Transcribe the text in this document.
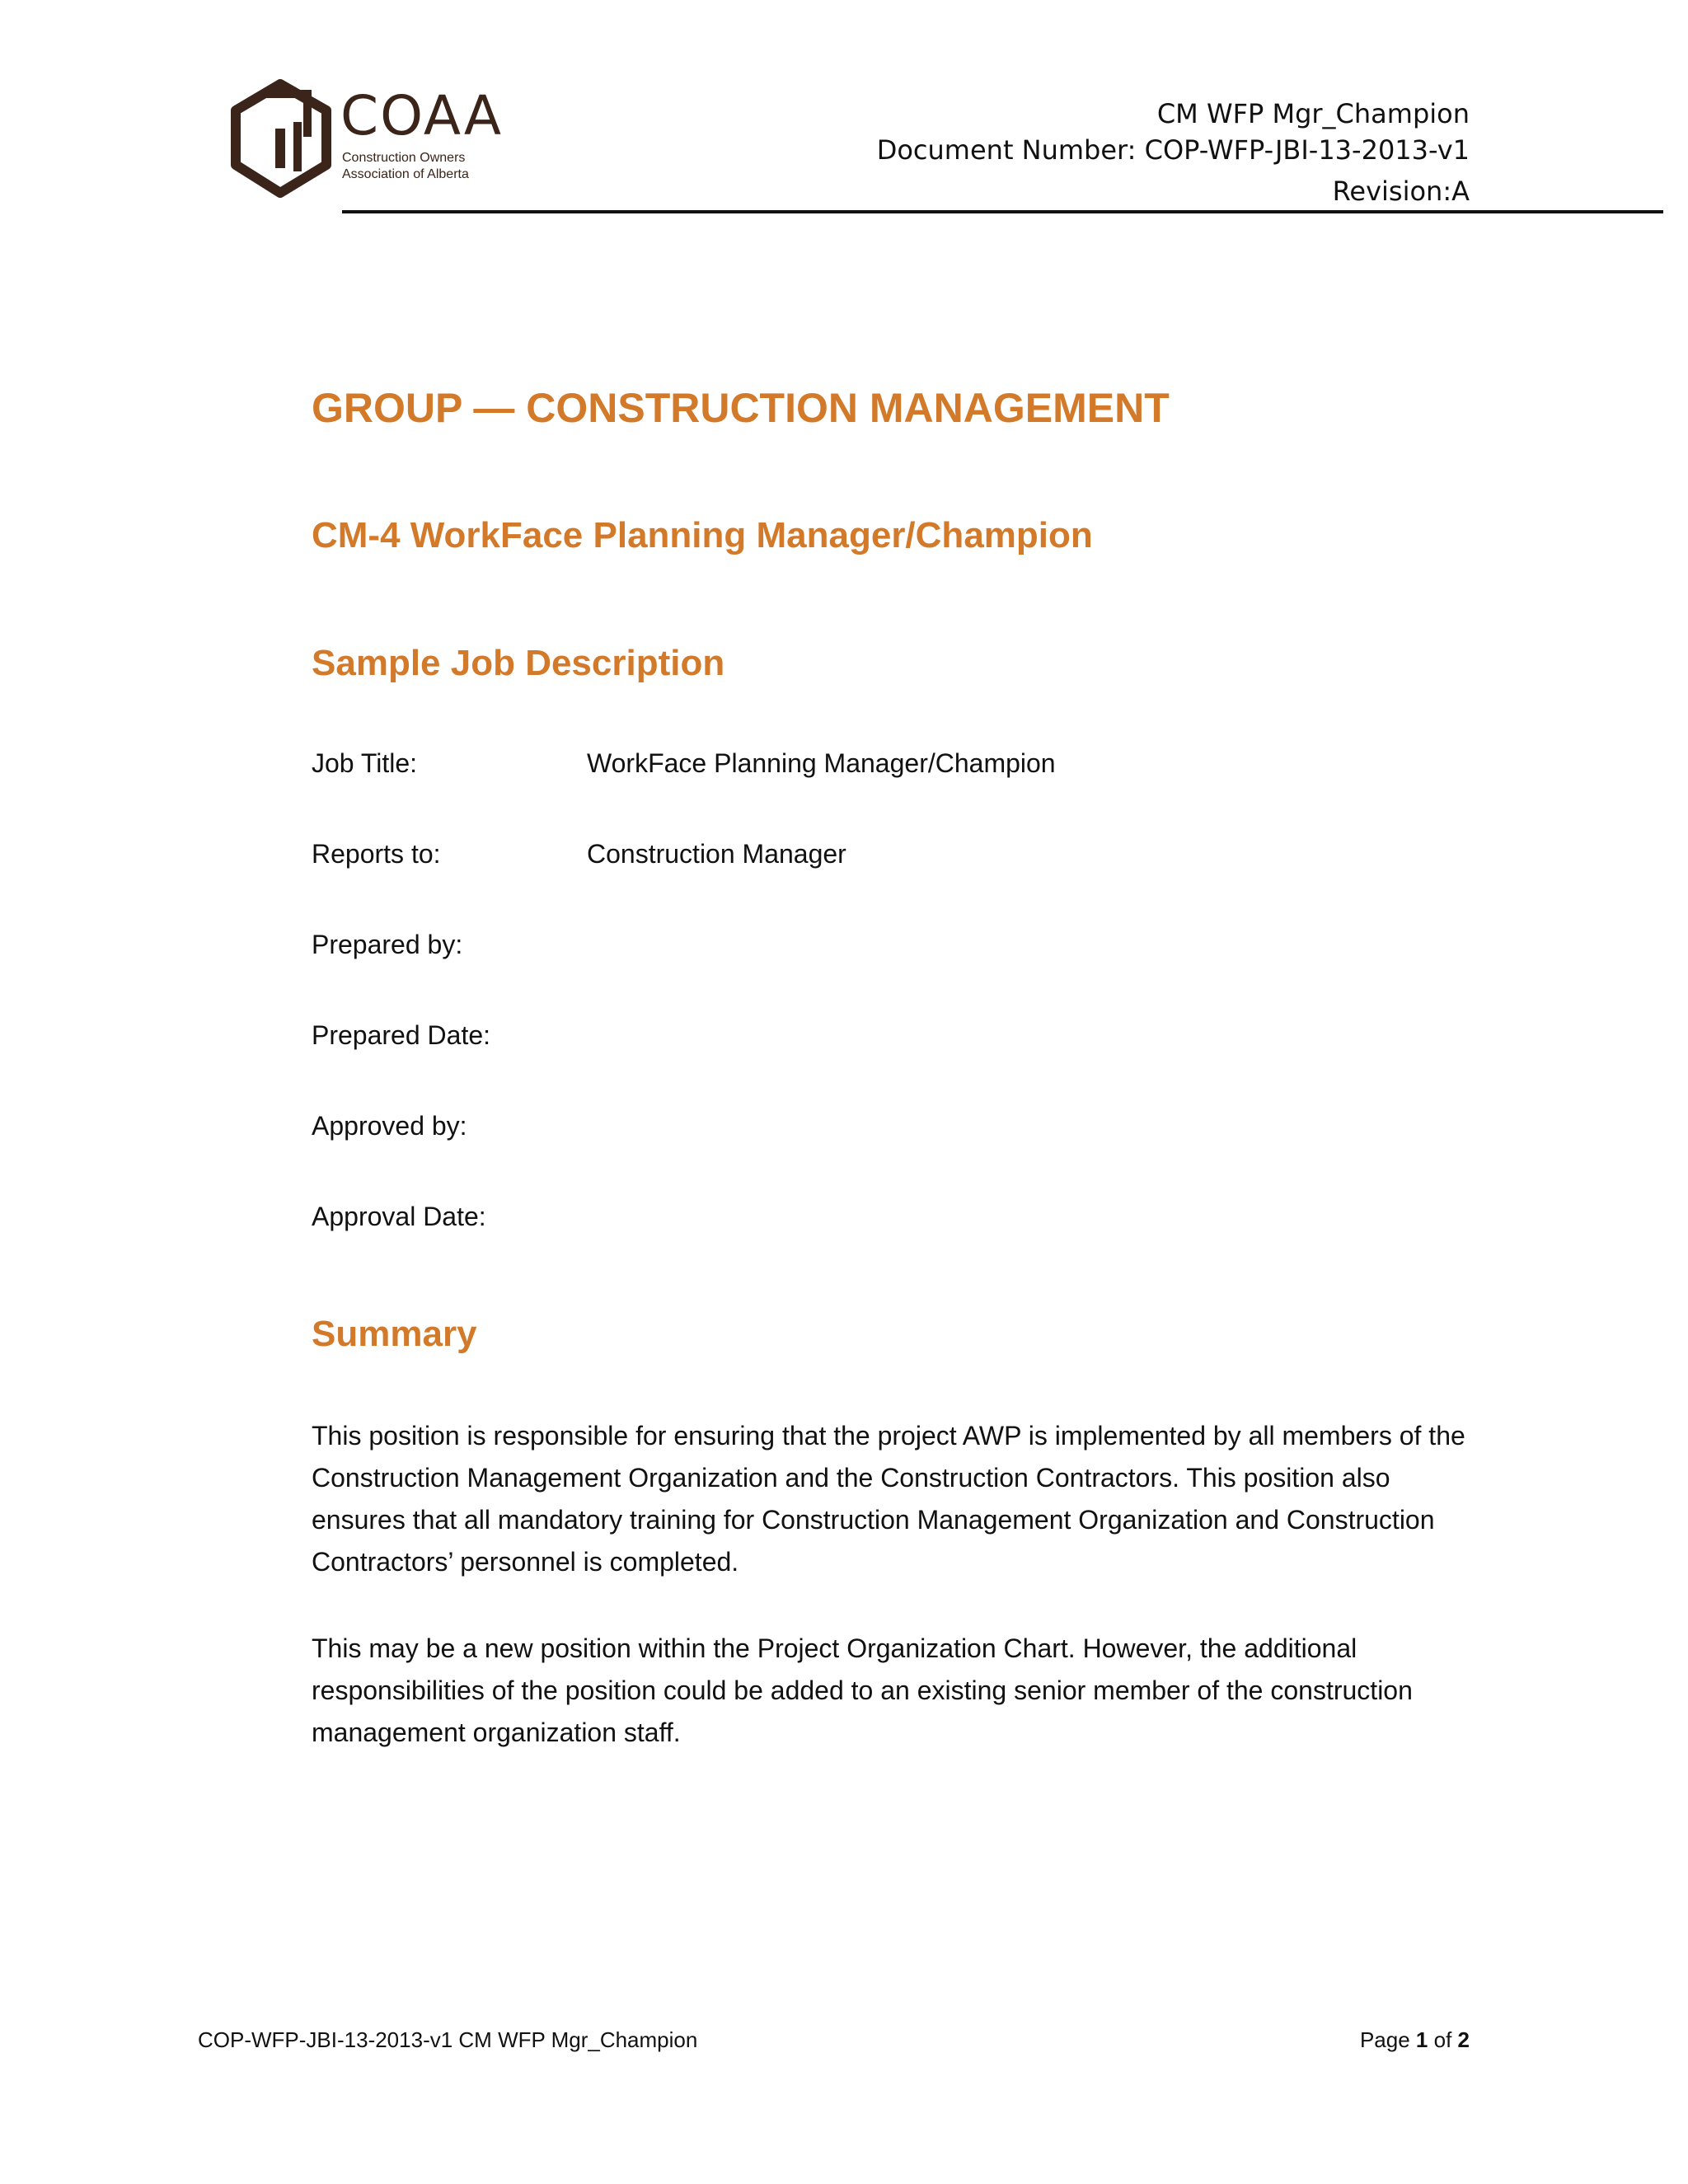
COAA
Construction Owners
Association of Alberta
CM WFP Mgr_Champion
Document Number: COP-WFP-JBI-13-2013-v1
Revision:A
GROUP — CONSTRUCTION MANAGEMENT
CM-4 WorkFace Planning Manager/Champion
Sample Job Description
Job Title:	WorkFace Planning Manager/Champion
Reports to:	Construction Manager
Prepared by:
Prepared Date:
Approved by:
Approval Date:
Summary

This position is responsible for ensuring that the project AWP is implemented by all members of the Construction Management Organization and the Construction Contractors. This position also ensures that all mandatory training for Construction Management Organization and Construction Contractors’ personnel is completed.

This may be a new position within the Project Organization Chart. However, the additional responsibilities of the position could be added to an existing senior member of the construction management organization staff.

COP-WFP-JBI-13-2013-v1 CM WFP Mgr_Champion	Page 1 of 2
